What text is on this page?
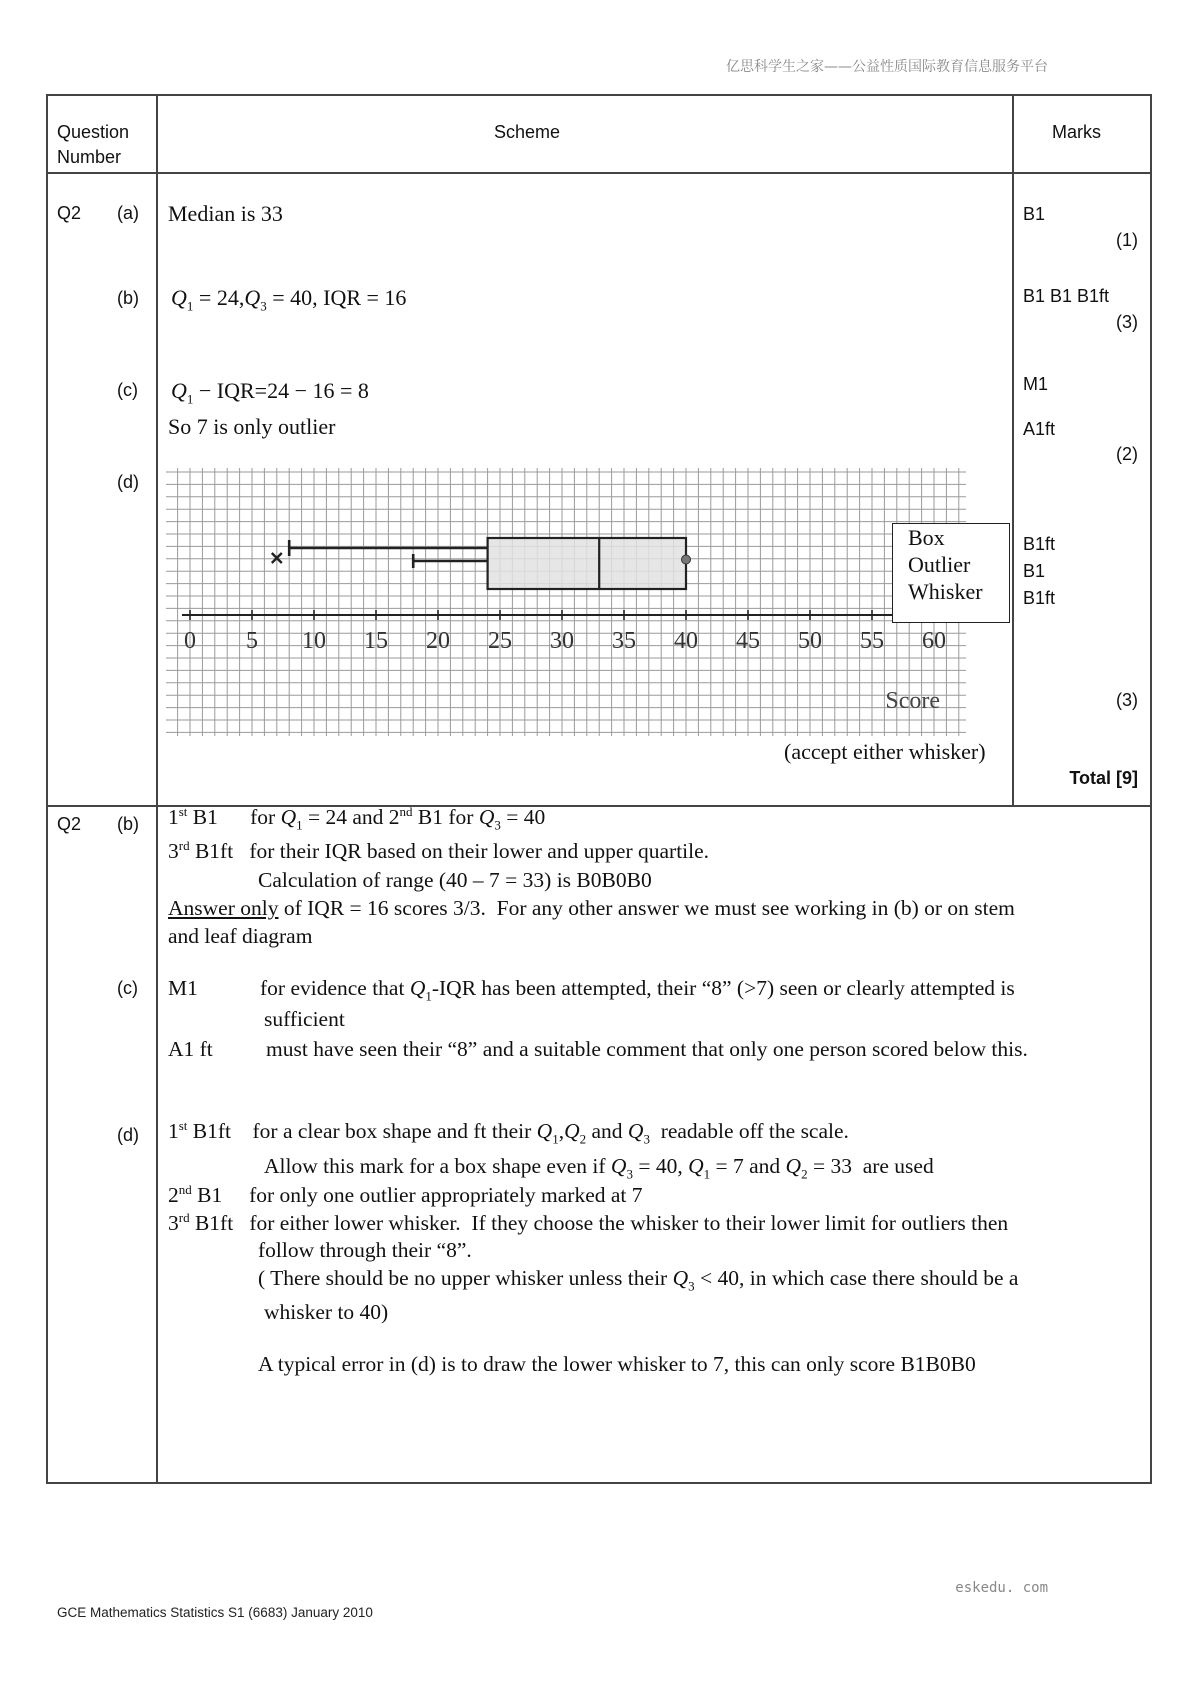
亿思科学生之家——公益性质国际教育信息服务平台
Question
Number
Scheme	Marks
Q2 (a)
(b)
(c)
(d)
Median is 33
$Q_1 = 24,Q_3 = 40$, IQR = 16
$Q_1 - IQR=24 - 16 = 8$
So 7 is only outlier
(accept either whisker)
B1
(1)
B1 B1 B1ft
(3)
M1
A1ft
(2)
B1ft
B1
B1ft
(3)
Total [9]
Q2 (b)
(c)
(d)
1st B1      for $Q_1 = 24$ and 2nd B1 for $Q_3 = 40$
3rd B1ft   for their IQR based on their lower and upper quartile.
Calculation of range (40 – 7 = 33) is B0B0B0
Answer only of IQR = 16 scores 3/3.  For any other answer we must see working in (b) or on stem
and leaf diagram
M1	for evidence that $Q_1$-IQR has been attempted, their “8” (>7) seen or clearly attempted is
sufficient
A1 ft must have seen their “8” and a suitable comment that only one person scored below this.
1st B1ft    for a clear box shape and ft their $Q_1,Q_2$ and $Q_3$  readable off the scale.
Allow this mark for a box shape even if $Q_3 = 40$, $Q_1 = 7$ and $Q_2 = 33$  are used
2nd B1     for only one outlier appropriately marked at 7
3rd B1ft   for either lower whisker.  If they choose the whisker to their lower limit for outliers then
follow through their “8”.
( There should be no upper whisker unless their $Q_3 < 40$, in which case there should be a
whisker to 40)
A typical error in (d) is to draw the lower whisker to 7, this can only score B1B0B0
0 5 10 15 20 25 30 35 40 45 50 55 60
Score
Box
Outlier
Whisker
eskedu. com
GCE Mathematics Statistics S1 (6683) January 2010
